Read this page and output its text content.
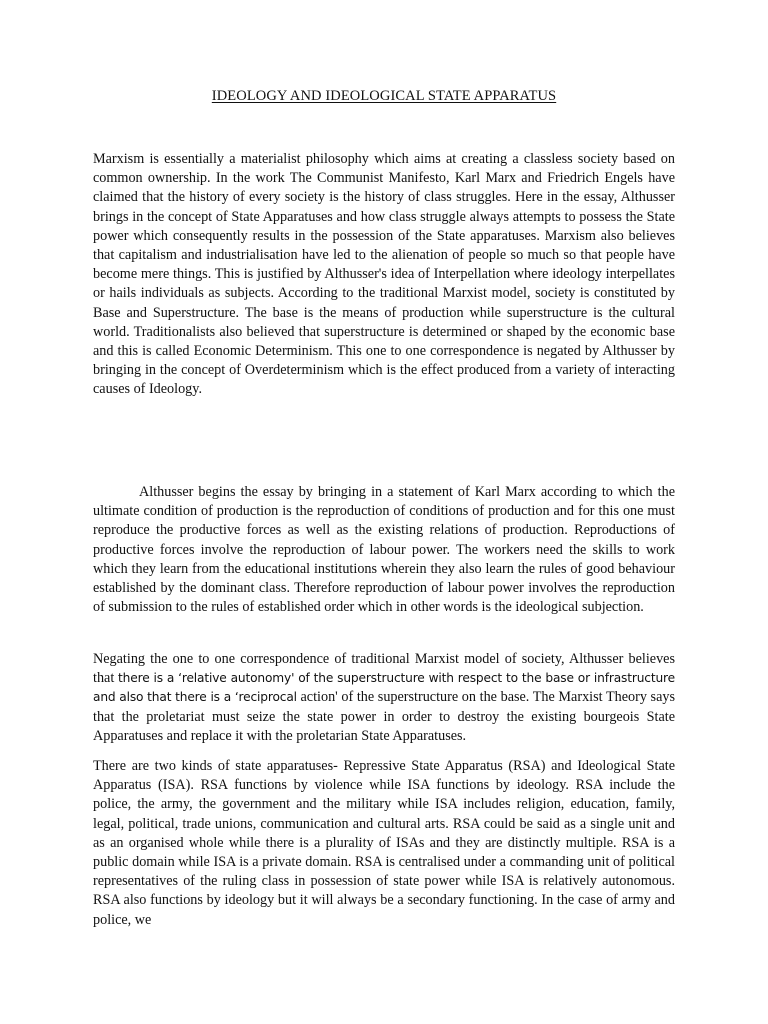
IDEOLOGY AND IDEOLOGICAL STATE APPARATUS

Marxism is essentially a materialist philosophy which aims at creating a classless society based on common ownership. In the work The Communist Manifesto, Karl Marx and Friedrich Engels have claimed that the history of every society is the history of class struggles. Here in the essay, Althusser brings in the concept of State Apparatuses and how class struggle always attempts to possess the State power which consequently results in the possession of the State apparatuses. Marxism also believes that capitalism and industrialisation have led to the alienation of people so much so that people have become mere things. This is justified by Althusser's idea of Interpellation where ideology interpellates or hails individuals as subjects. According to the traditional Marxist model, society is constituted by Base and Superstructure. The base is the means of production while superstructure is the cultural world. Traditionalists also believed that superstructure is determined or shaped by the economic base and this is called Economic Determinism. This one to one correspondence is negated by Althusser by bringing in the concept of Overdeterminism which is the effect produced from a variety of interacting causes of Ideology.

Althusser begins the essay by bringing in a statement of Karl Marx according to which the ultimate condition of production is the reproduction of conditions of production and for this one must reproduce the productive forces as well as the existing relations of production. Reproductions of productive forces involve the reproduction of labour power. The workers need the skills to work which they learn from the educational institutions wherein they also learn the rules of good behaviour established by the dominant class. Therefore reproduction of labour power involves the reproduction of submission to the rules of established order which in other words is the ideological subjection.

Negating the one to one correspondence of traditional Marxist model of society, Althusser believes that there is a ‘relative autonomy' of the superstructure with respect to the base or infrastructure and also that there is a ‘reciprocal action' of the superstructure on the base. The Marxist Theory says that the proletariat must seize the state power in order to destroy the existing bourgeois State Apparatuses and replace it with the proletarian State Apparatuses.

There are two kinds of state apparatuses- Repressive State Apparatus (RSA) and Ideological State Apparatus (ISA). RSA functions by violence while ISA functions by ideology. RSA include the police, the army, the government and the military while ISA includes religion, education, family, legal, political, trade unions, communication and cultural arts. RSA could be said as a single unit and as an organised whole while there is a plurality of ISAs and they are distinctly multiple. RSA is a public domain while ISA is a private domain. RSA is centralised under a commanding unit of political representatives of the ruling class in possession of state power while ISA is relatively autonomous. RSA also functions by ideology but it will always be a secondary functioning. In the case of army and police, we
